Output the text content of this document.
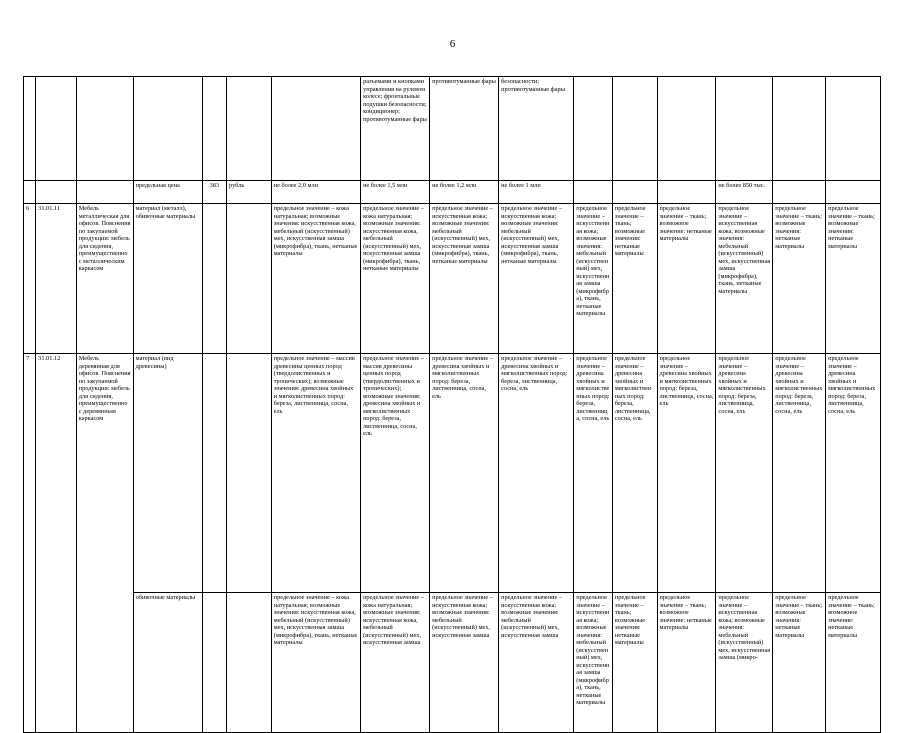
6
							разъемами и кнопками управления на рулевом колесе; фронтальные подушки безопасности; кондиционер; противотуманные фары	противотуманные фары	безопасности; противотуманные фары						
			предельная цена	383	рубль	не более 2,0 млн	не более 1,5 млн	не более 1,2 млн	не более 1 млн				не более 850 тыс.		
6	31.01.11	Мебель металлическая для офисов. Пояснения по закупаемой продукции: мебель для сидения, преимущественно с металлическим каркасом	материал (металл), обивочные материалы			предельное значение – кожа натуральная; возможные значения: искусственная кожа, мебельный (искусственный) мех, искусственная замша (микрофибра), ткань, нетканые материалы	предельное значение – кожа натуральная; возможные значения: искусственная кожа, мебельный (искусственный) мех, искусственная замша (микрофибра), ткань, нетканые материалы	предельное значение – искусственная кожа; возможные значения: мебельный (искусственный) мех, искусственная замша (микрофибра), ткань, нетканые материалы	предельное значение – искусственная кожа; возможные значения: мебельный (искусственный) мех, искусственная замша (микрофибра), ткань, нетканые материалы	предельное значение – искусственная кожа; возможные значения: мебельный (искусственный) мех, искусственная замша (микрофибра), ткань, нетканые материалы	предельное значение – ткань; возможные значения: нетканые материалы	предельное значение – ткань; возможное значение: нетканые материалы	предельное значение – искусственная кожа; возможные значения: мебельный (искусственный) мех, искусственная замша (микрофибра), ткань, нетканые материалы	предельное значение – ткань; возможные значения: нетканые материалы	предельное значение – ткань; возможные значения: нетканые материалы
7	31.01.12	Мебель деревянная для офисов. Пояснения по закупаемой продукции: мебель для сидения, преимущественно с деревянным каркасом	материал (вид древесины)			предельное значение – массив древесины ценных пород (твердолиственных и тропических); возможные значения: древесина хвойных и мягколиственных пород: береза, лиственница, сосна, ель	предельное значение – массив древесины ценных пород (твердолиственных и тропических); возможные значения: древесина хвойных и мягколиственных пород: береза, лиственница, сосна, ель	предельное значение – древесина хвойных и мягколиственных пород: береза, лиственница, сосна, ель	предельное значение – древесина хвойных и мягколиственных пород: береза, лиственница, сосна, ель	предельное значение – древесина хвойных и мягколиственных пород: береза, лиственница, сосна, ель	предельное значение – древесина хвойных и мягколиственных пород: береза, лиственница, сосна, ель	предельное значение – древесина хвойных и мягколиственных пород: береза, лиственница, сосна, ель	предельное значение – древесина хвойных и мягколиственных пород: береза, лиственница, сосна, ель	предельное значение – древесина хвойных и мягколиственных пород: береза, лиственница, сосна, ель	предельное значение – древесина хвойных и мягколиственных пород: береза, лиственница, сосна, ель
			обивочные материалы			предельное значение – кожа натуральная; возможные значения: искусственная кожа, мебельный (искусственный) мех, искусственная замша (микрофибра), ткань, нетканые материалы	предельное значение – кожа натуральная; возможные значения: искусственная кожа, мебельный (искусственный) мех, искусственная замша	предельное значение – искусственная кожа; возможные значения: мебельный (искусственный) мех, искусственная замша	предельное значение – искусственная кожа; возможные значения: мебельный (искусственный) мех, искусственная замша	предельное значение – искусственная кожа; возможные значения: мебельный (искусственный) мех, искусственная замша (микрофибра), ткань, нетканые материалы	предельное значение – ткань; возможные значения: нетканые материалы	предельное значение – ткань; возможное значение: нетканые материалы	предельное значение – искусственная кожа; возможные значения: мебельный (искусственный) мех, искусственная замша (микро-	предельное значение – ткань; возможные значения: нетканые материалы	предельное значение – ткань; возможное значение: нетканые материалы
